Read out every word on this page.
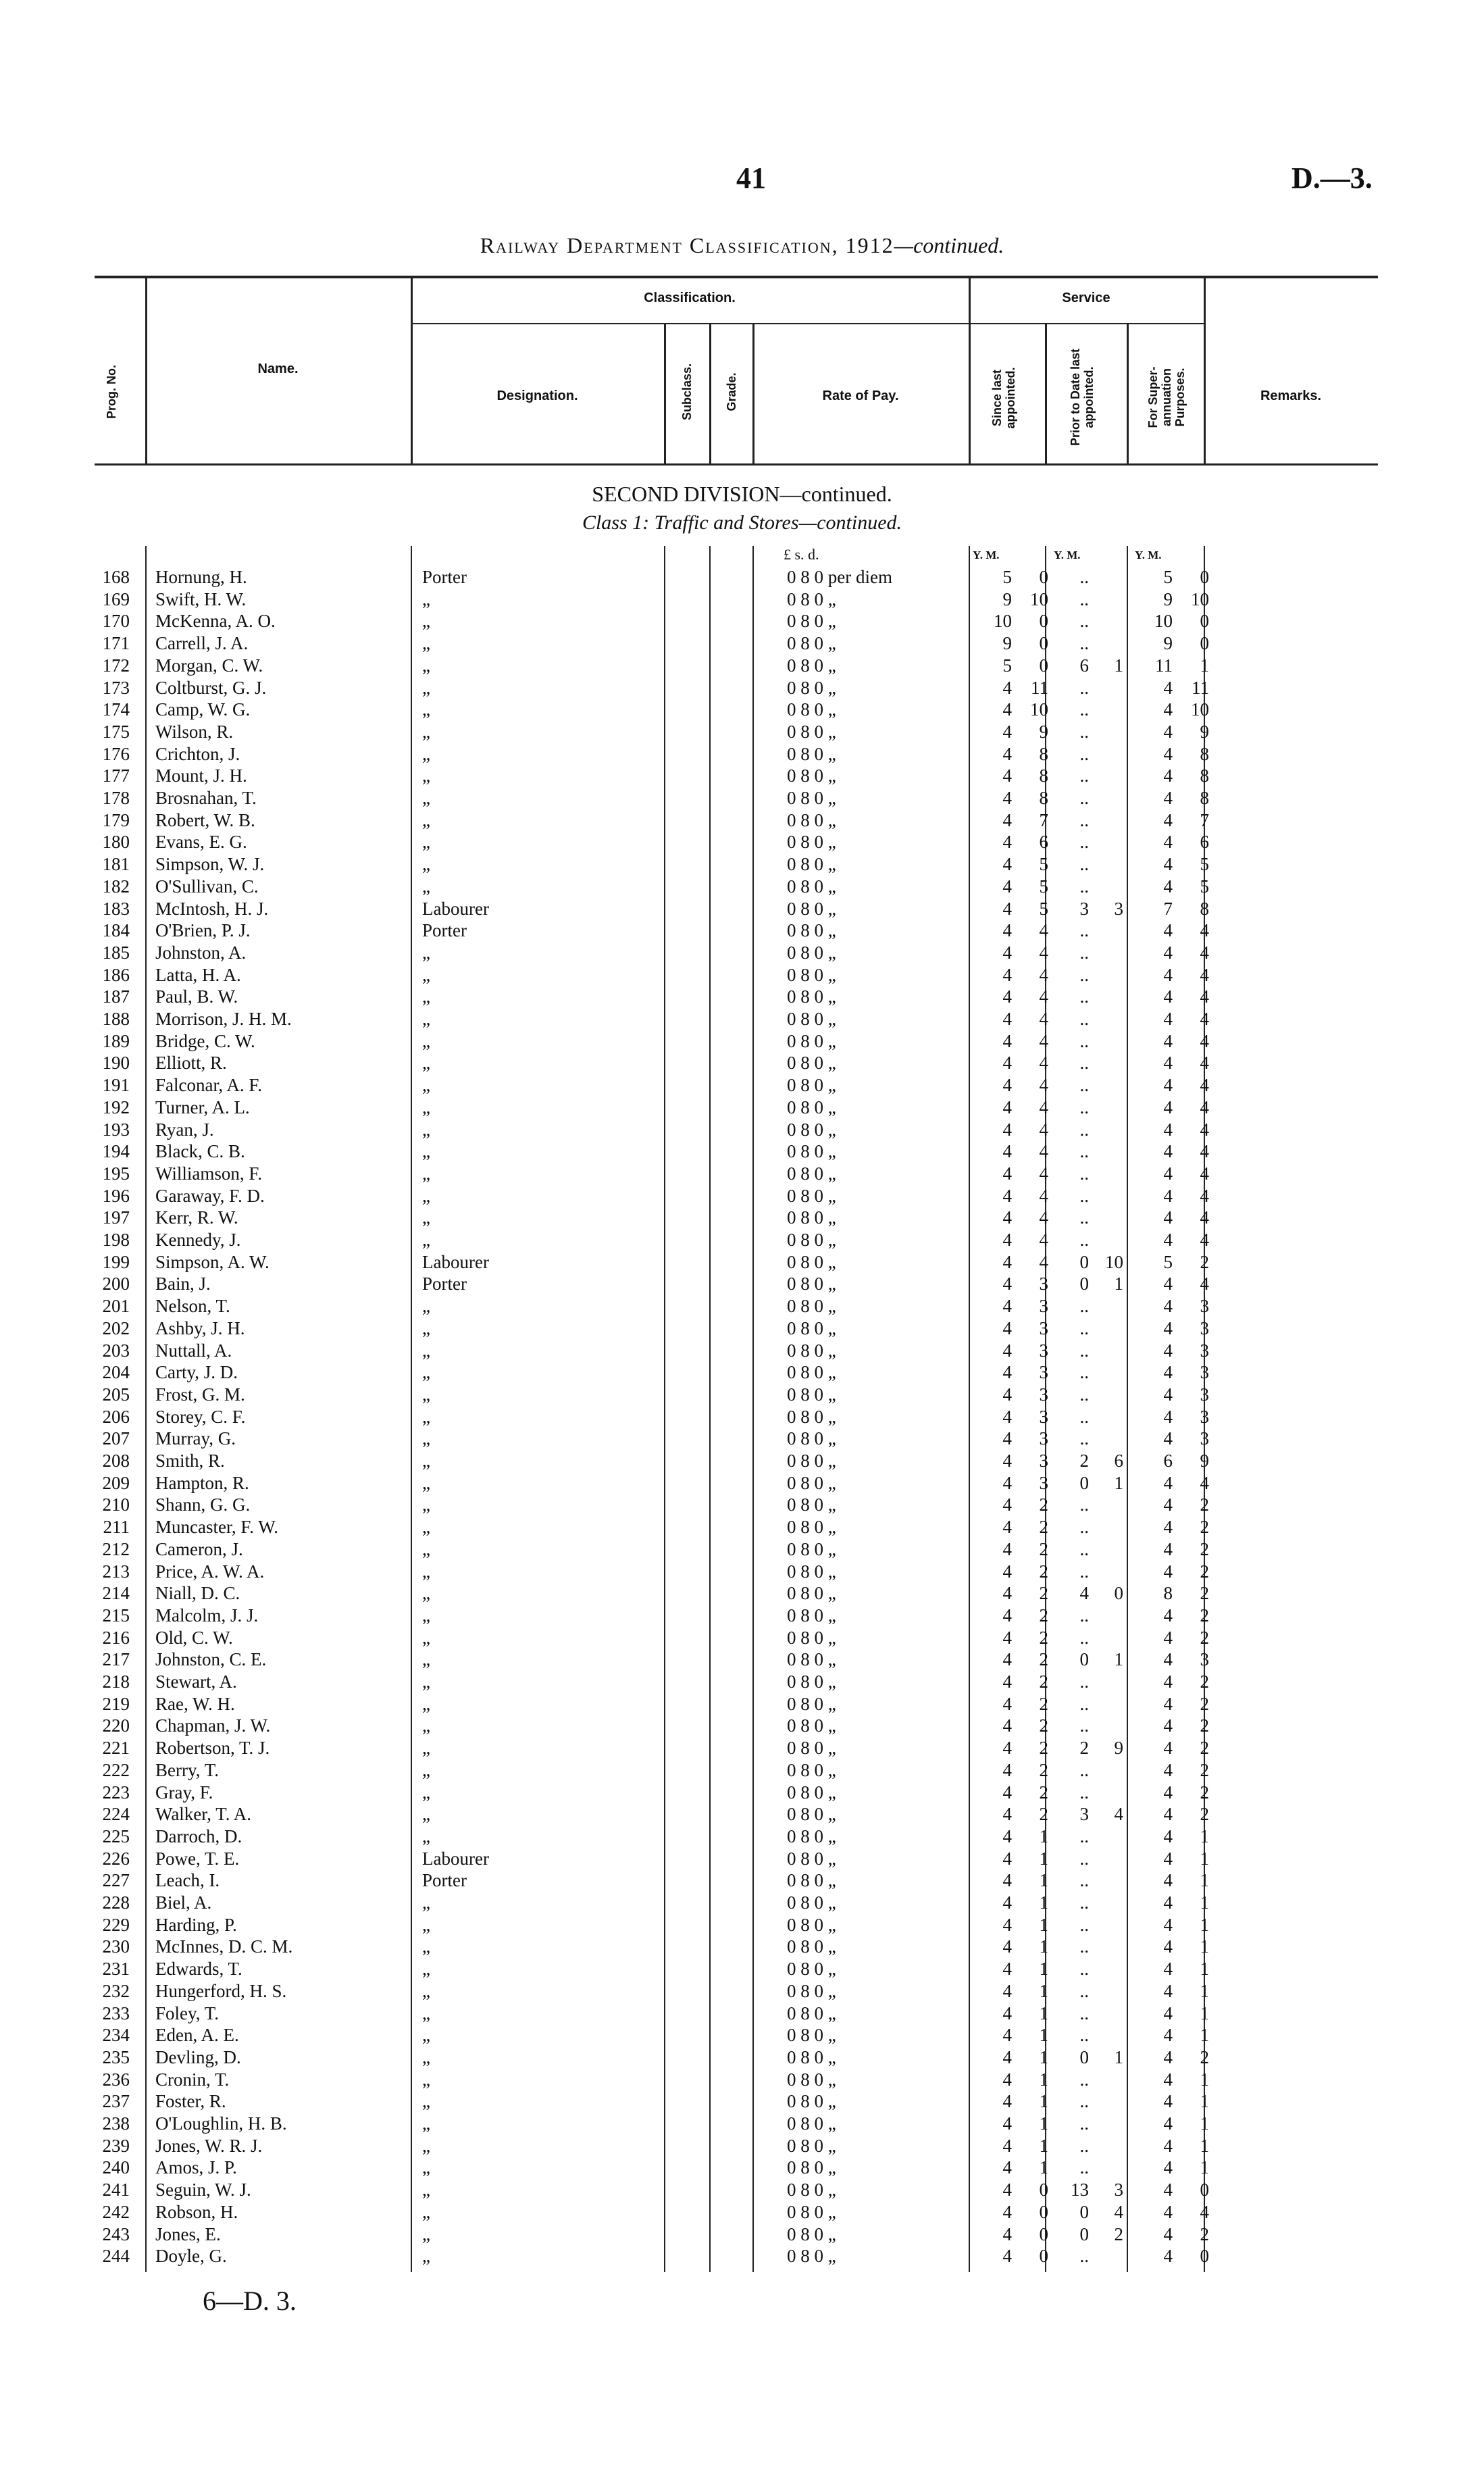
41	D.—3.
Railway Department Classification, 1912—continued.
Prog. No.	Name.
Classification.
Designation.	Subclass.	Grade.	Rate of Pay.
Service
Since last appointed.	Prior to Date last appointed.	For Super-annuation Purposes.	Remarks.
SECOND DIVISION—continued.
Class 1: Traffic and Stores—continued.
£ s. d.	Y. M.	Y. M.	Y. M.
168 Hornung, H.	Porter	0 8 0 per diem	5	0	..	5	0
169 Swift, H. W.	„	0 8 0 „	9	10	..	9	10
170 McKenna, A. O.	„	0 8 0 „	10	0	..	10	0
171 Carrell, J. A.	„	0 8 0 „	9	0	..	9	0
172 Morgan, C. W.	„	0 8 0 „	5	0	6	1	11	1
173 Coltburst, G. J.	„	0 8 0 „	4	11	..	4	11
174 Camp, W. G.	„	0 8 0 „	4	10	..	4	10
175 Wilson, R.	„	0 8 0 „	4	9	..	4	9
176 Crichton, J.	„	0 8 0 „	4	8	..	4	8
177 Mount, J. H.	„	0 8 0 „	4	8	..	4	8
178 Brosnahan, T.	„	0 8 0 „	4	8	..	4	8
179 Robert, W. B.	„	0 8 0 „	4	7	..	4	7
180 Evans, E. G.	„	0 8 0 „	4	6	..	4	6
181 Simpson, W. J.	„	0 8 0 „	4	5	..	4	5
182 O'Sullivan, C.	„	0 8 0 „	4	5	..	4	5
183 McIntosh, H. J.	Labourer	0 8 0 „	4	5	3	3	7	8
184 O'Brien, P. J.	Porter	0 8 0 „	4	4	..	4	4
185 Johnston, A.	„	0 8 0 „	4	4	..	4	4
186 Latta, H. A.	„	0 8 0 „	4	4	..	4	4
187 Paul, B. W.	„	0 8 0 „	4	4	..	4	4
188 Morrison, J. H. M.	„	0 8 0 „	4	4	..	4	4
189 Bridge, C. W.	„	0 8 0 „	4	4	..	4	4
190 Elliott, R.	„	0 8 0 „	4	4	..	4	4
191 Falconar, A. F.	„	0 8 0 „	4	4	..	4	4
192 Turner, A. L.	„	0 8 0 „	4	4	..	4	4
193 Ryan, J.	„	0 8 0 „	4	4	..	4	4
194 Black, C. B.	„	0 8 0 „	4	4	..	4	4
195 Williamson, F.	„	0 8 0 „	4	4	..	4	4
196 Garaway, F. D.	„	0 8 0 „	4	4	..	4	4
197 Kerr, R. W.	„	0 8 0 „	4	4	..	4	4
198 Kennedy, J.	„	0 8 0 „	4	4	..	4	4
199 Simpson, A. W.	Labourer	0 8 0 „	4	4	0 10	5	2
200 Bain, J.	Porter	0 8 0 „	4	3	0	1	4	4
201 Nelson, T.	„	0 8 0 „	4	3	..	4	3
202 Ashby, J. H.	„	0 8 0 „	4	3	..	4	3
203 Nuttall, A.	„	0 8 0 „	4	3	..	4	3
204 Carty, J. D.	„	0 8 0 „	4	3	..	4	3
205 Frost, G. M.	„	0 8 0 „	4	3	..	4	3
206 Storey, C. F.	„	0 8 0 „	4	3	..	4	3
207 Murray, G.	„	0 8 0 „	4	3	..	4	3
208 Smith, R.	„	0 8 0 „	4	3	2	6	6	9
209 Hampton, R.	„	0 8 0 „	4	3	0	1	4	4
210 Shann, G. G.	„	0 8 0 „	4	2	..	4	2
211 Muncaster, F. W.	„	0 8 0 „	4	2	..	4	2
212 Cameron, J.	„	0 8 0 „	4	2	..	4	2
213 Price, A. W. A.	„	0 8 0 „	4	2	..	4	2
214 Niall, D. C.	„	0 8 0 „	4	2	4	0	8	2
215 Malcolm, J. J.	„	0 8 0 „	4	2	..	4	2
216 Old, C. W.	„	0 8 0 „	4	2	..	4	2
217 Johnston, C. E.	„	0 8 0 „	4	2	0	1	4	3
218 Stewart, A.	„	0 8 0 „	4	2	..	4	2
219 Rae, W. H.	„	0 8 0 „	4	2	..	4	2
220 Chapman, J. W.	„	0 8 0 „	4	2	..	4	2
221 Robertson, T. J.	„	0 8 0 „	4	2	2	9	4	2
222 Berry, T.	„	0 8 0 „	4	2	..	4	2
223 Gray, F.	„	0 8 0 „	4	2	..	4	2
224 Walker, T. A.	„	0 8 0 „	4	2	3	4	4	2
225 Darroch, D.	„	0 8 0 „	4	1	..	4	1
226 Powe, T. E.	Labourer	0 8 0 „	4	1	..	4	1
227 Leach, I.	Porter	0 8 0 „	4	1	..	4	1
228 Biel, A.	„	0 8 0 „	4	1	..	4	1
229 Harding, P.	„	0 8 0 „	4	1	..	4	1
230 McInnes, D. C. M.	„	0 8 0 „	4	1	..	4	1
231 Edwards, T.	„	0 8 0 „	4	1	..	4	1
232 Hungerford, H. S.	„	0 8 0 „	4	1	..	4	1
233 Foley, T.	„	0 8 0 „	4	1	..	4	1
234 Eden, A. E.	„	0 8 0 „	4	1	..	4	1
235 Devling, D.	„	0 8 0 „	4	1	0	1	4	2
236 Cronin, T.	„	0 8 0 „	4	1	..	4	1
237 Foster, R.	„	0 8 0 „	4	1	..	4	1
238 O'Loughlin, H. B.	„	0 8 0 „	4	1	..	4	1
239 Jones, W. R. J.	„	0 8 0 „	4	1	..	4	1
240 Amos, J. P.	„	0 8 0 „	4	1	..	4	1
241 Seguin, W. J.	„	0 8 0 „	4	0	13	3	4	0
242 Robson, H.	„	0 8 0 „	4	0	0	4	4	4
243 Jones, E.	„	0 8 0 „	4	0	0	2	4	2
244 Doyle, G.	„	0 8 0 „	4	0	..	4	0
6—D. 3.
